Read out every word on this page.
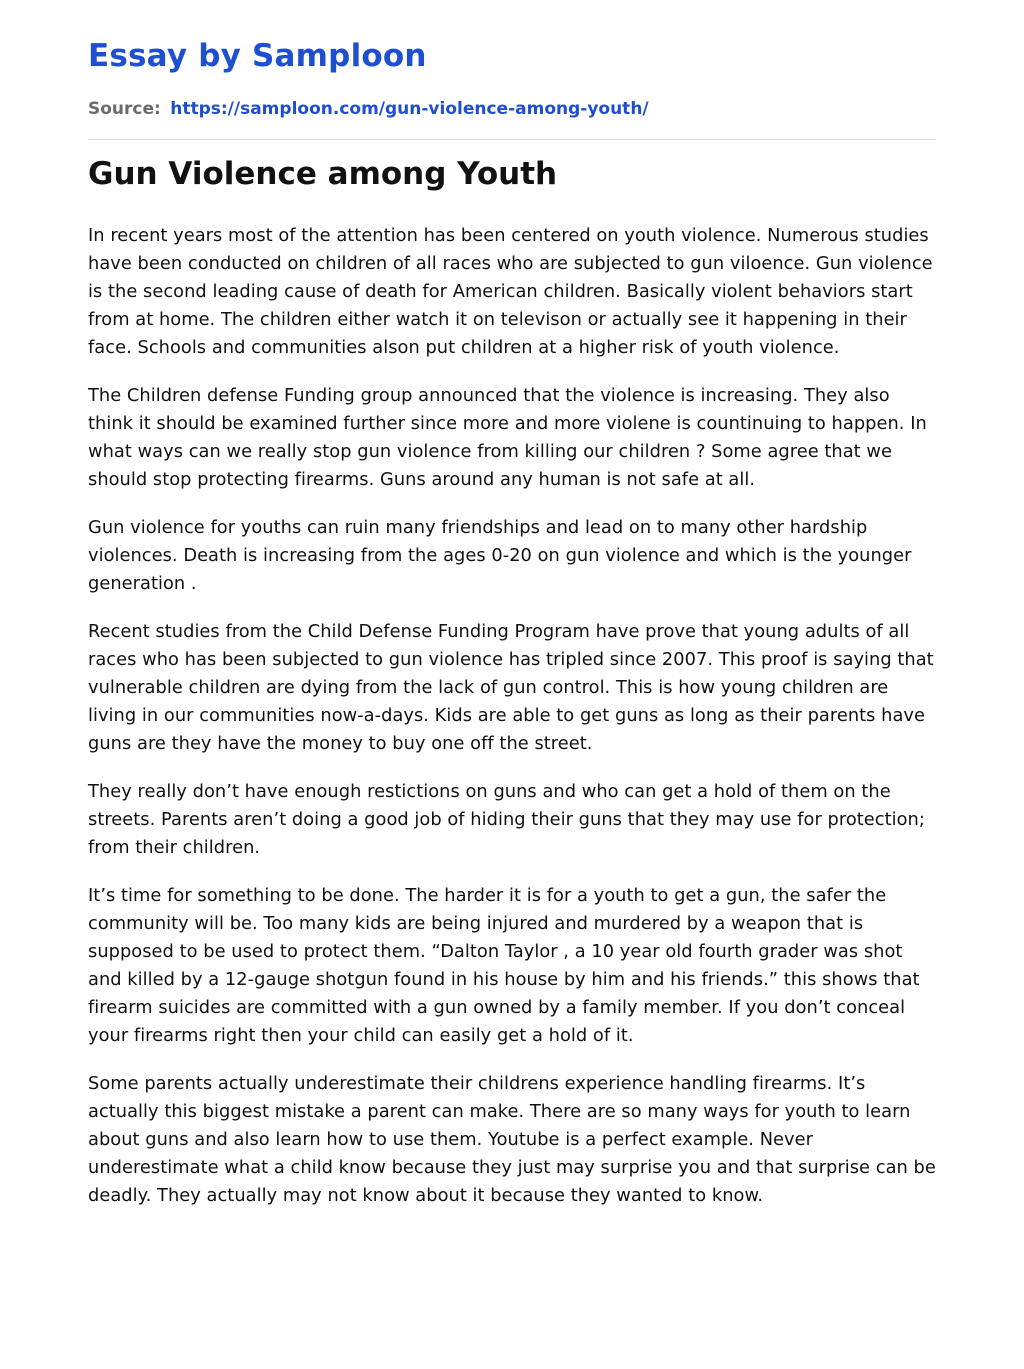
Essay by Samploon
Source: https://samploon.com/gun-violence-among-youth/
Gun Violence among Youth

In recent years most of the attention has been centered on youth violence. Numerous studies have been conducted on children of all races who are subjected to gun viloence. Gun violence is the second leading cause of death for American children. Basically violent behaviors start from at home. The children either watch it on televison or actually see it happening in their face. Schools and communities alson put children at a higher risk of youth violence.

The Children defense Funding group announced that the violence is increasing. They also think it should be examined further since more and more violene is countinuing to happen. In what ways can we really stop gun violence from killing our children ? Some agree that we should stop protecting firearms. Guns around any human is not safe at all.

Gun violence for youths can ruin many friendships and lead on to many other hardship violences. Death is increasing from the ages 0-20 on gun violence and which is the younger generation .

Recent studies from the Child Defense Funding Program have prove that young adults of all races who has been subjected to gun violence has tripled since 2007. This proof is saying that vulnerable children are dying from the lack of gun control. This is how young children are living in our communities now-a-days. Kids are able to get guns as long as their parents have guns are they have the money to buy one off the street.

They really don’t have enough restictions on guns and who can get a hold of them on the streets. Parents aren’t doing a good job of hiding their guns that they may use for protection; from their children.

It’s time for something to be done. The harder it is for a youth to get a gun, the safer the community will be. Too many kids are being injured and murdered by a weapon that is supposed to be used to protect them. “Dalton Taylor , a 10 year old fourth grader was shot and killed by a 12-gauge shotgun found in his house by him and his friends.” this shows that firearm suicides are committed with a gun owned by a family member. If you don’t conceal your firearms right then your child can easily get a hold of it.

Some parents actually underestimate their childrens experience handling firearms. It’s actually this biggest mistake a parent can make. There are so many ways for youth to learn about guns and also learn how to use them. Youtube is a perfect example. Never underestimate what a child know because they just may surprise you and that surprise can be deadly. They actually may not know about it because they wanted to know.
